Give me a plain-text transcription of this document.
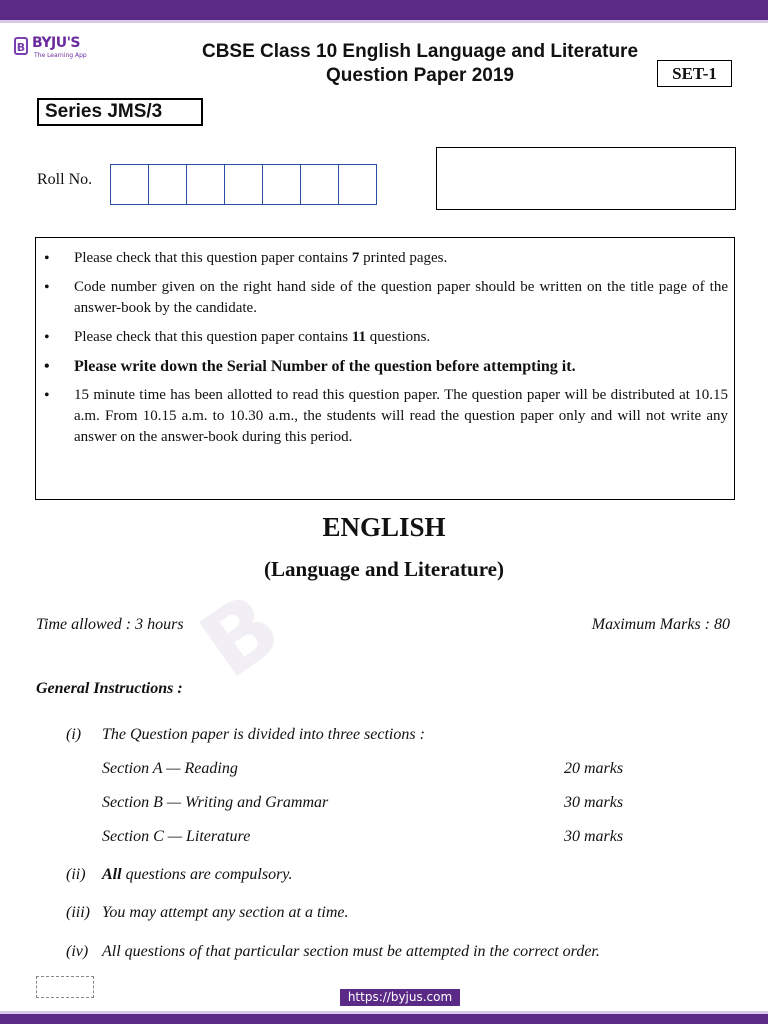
B
B BYJU'S
The Learning App	CBSE Class 10 English Language and Literature
Question Paper 2019	SET-1
Series JMS/3
Roll No.
• Please check that this question paper contains 7 printed pages.
• Code number given on the right hand side of the question paper should be written on the title page of the answer-book by the candidate.
• Please check that this question paper contains 11 questions.
• Please write down the Serial Number of the question before attempting it.
• 15 minute time has been allotted to read this question paper. The question paper will be distributed at 10.15 a.m. From 10.15 a.m. to 10.30 a.m., the students will read the question paper only and will not write any answer on the answer-book during this period.
ENGLISH
(Language and Literature)
Time allowed : 3 hours	Maximum Marks : 80
General Instructions :
(i) The Question paper is divided into three sections :
Section A — Reading	20 marks
Section B — Writing and Grammar	30 marks
Section C — Literature	30 marks
(ii) All questions are compulsory.
(iii) You may attempt any section at a time.
(iv) All questions of that particular section must be attempted in the correct order.
https://byjus.com
